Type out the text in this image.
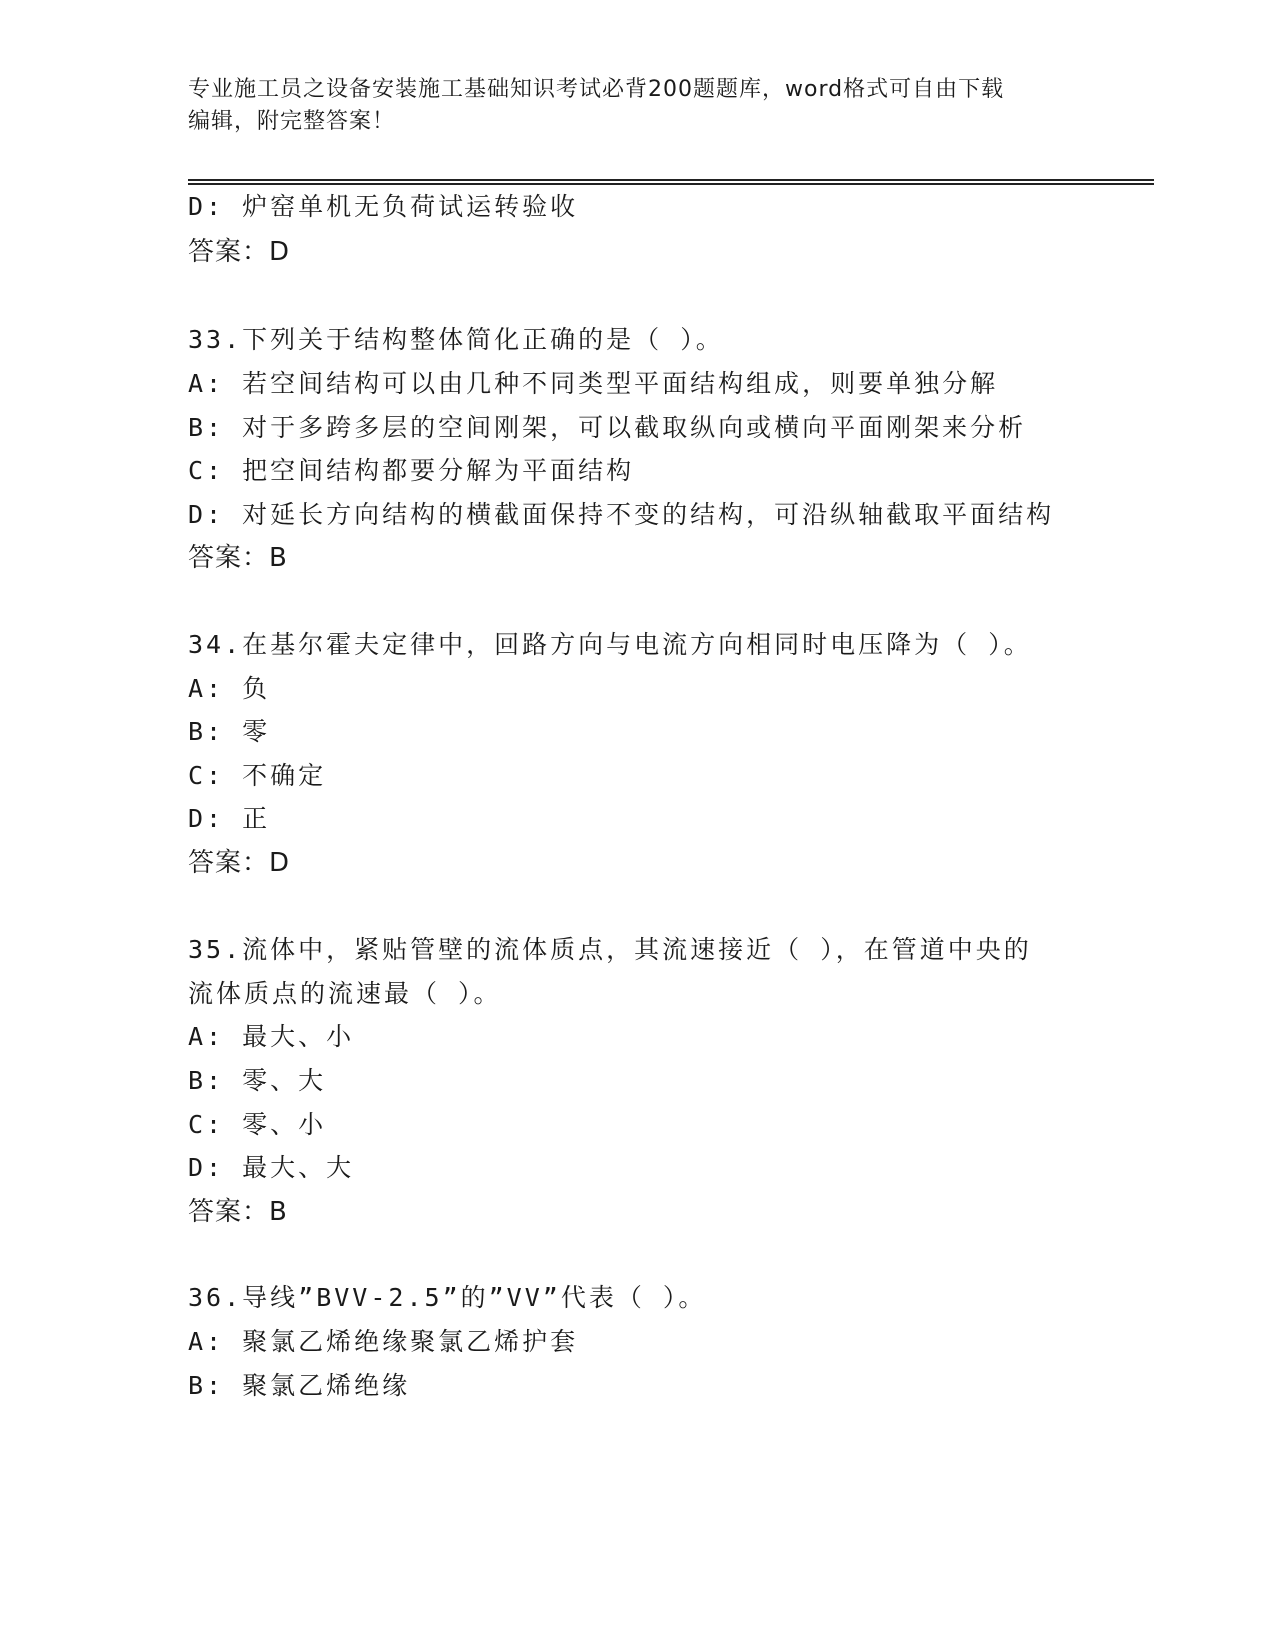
专业施工员之设备安装施工基础知识考试必背200题题库，word格式可自由下载
编辑，附完整答案！
D: 炉窑单机无负荷试运转验收
答案：D
33.下列关于结构整体简化正确的是（ ）。
A: 若空间结构可以由几种不同类型平面结构组成，则要单独分解
B: 对于多跨多层的空间刚架，可以截取纵向或横向平面刚架来分析
C: 把空间结构都要分解为平面结构
D: 对延长方向结构的横截面保持不变的结构，可沿纵轴截取平面结构
答案：B
34.在基尔霍夫定律中，回路方向与电流方向相同时电压降为（ ）。
A: 负
B: 零
C: 不确定
D: 正
答案：D
35.流体中，紧贴管壁的流体质点，其流速接近（ ），在管道中央的
流体质点的流速最（ ）。
A: 最大、小
B: 零、大
C: 零、小
D: 最大、大
答案：B
36.导线”BVV-2.5”的”VV”代表（ ）。
A: 聚氯乙烯绝缘聚氯乙烯护套
B: 聚氯乙烯绝缘
